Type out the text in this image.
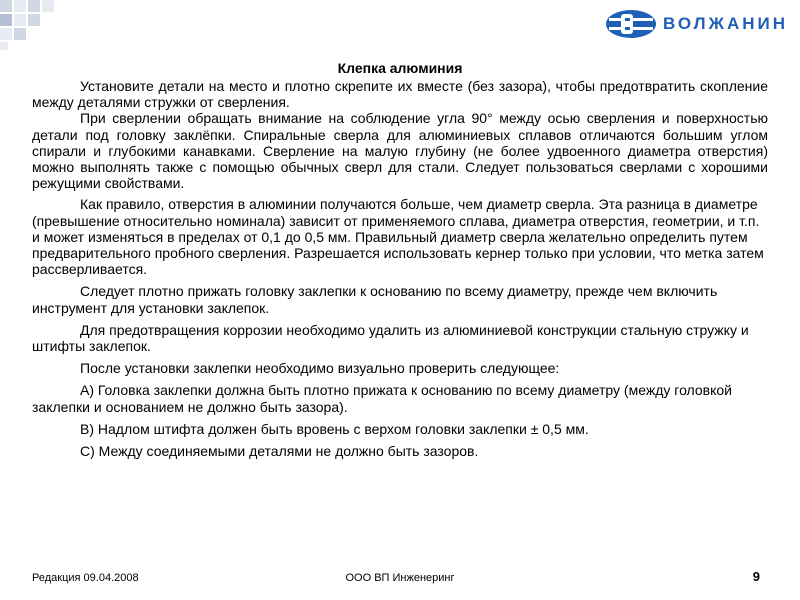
ВОЛЖАНИН
Клепка алюминия

Установите детали на место и плотно скрепите их вместе (без зазора), чтобы предотвратить скопление между деталями стружки от сверления.

При сверлении обращать внимание на соблюдение угла 90° между осью сверления и поверхностью детали под головку заклёпки. Спиральные сверла для алюминиевых сплавов отличаются большим углом спирали и глубокими канавками. Сверление на малую глубину (не более удвоенного диаметра отверстия) можно выполнять также с помощью обычных сверл для стали. Следует пользоваться сверлами с хорошими режущими свойствами.

Как правило, отверстия в алюминии получаются больше, чем диаметр сверла. Эта разница в диаметре (превышение относительно номинала) зависит от применяемого сплава, диаметра отверстия, геометрии, и т.п. и может изменяться в пределах от 0,1 до 0,5 мм. Правильный диаметр сверла желательно определить путем предварительного пробного сверления. Разрешается использовать кернер только при условии, что метка затем рассверливается.

Следует плотно прижать головку заклепки к основанию по всему диаметру, прежде чем включить инструмент для установки заклепок.

Для предотвращения коррозии необходимо удалить из алюминиевой конструкции стальную стружку и штифты заклепок.

После установки заклепки необходимо визуально проверить следующее:

А) Головка заклепки должна быть плотно прижата к основанию по всему диаметру (между головкой заклепки и основанием не должно быть зазора).

В) Надлом штифта должен быть вровень с верхом головки заклепки ± 0,5 мм.

С) Между соединяемыми деталями не должно быть зазоров.

Редакция 09.04.2008	ООО ВП Инженеринг	9
